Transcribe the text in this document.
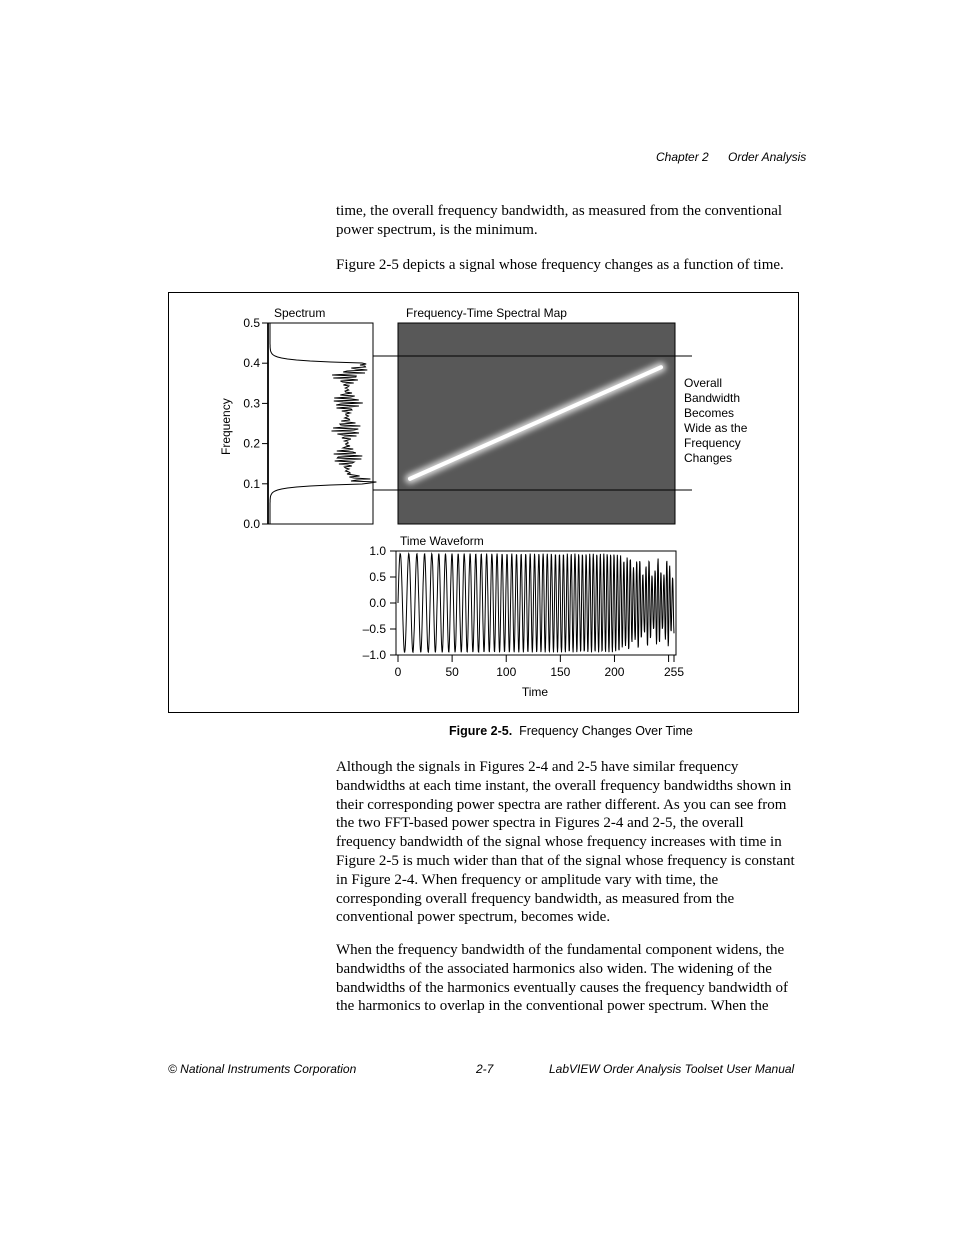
Chapter 2 Order Analysis

time, the overall frequency bandwidth, as measured from the conventional power spectrum, is the minimum.

Figure 2-5 depicts a signal whose frequency changes as a function of time.

Spectrum
0.0
0.1
0.2
0.3
0.4
0.5
Frequency
Frequency-Time Spectral Map
Overall
Bandwidth
Becomes
Wide as the
Frequency
Changes
Time Waveform
1.0
0.5
0.0
–0.5
–1.0
0	50	100	150	200	255
Time
Figure 2-5. Frequency Changes Over Time

Although the signals in Figures 2-4 and 2-5 have similar frequency bandwidths at each time instant, the overall frequency bandwidths shown in their corresponding power spectra are rather different. As you can see from the two FFT-based power spectra in Figures 2-4 and 2-5, the overall frequency bandwidth of the signal whose frequency increases with time in Figure 2-5 is much wider than that of the signal whose frequency is constant in Figure 2-4. When frequency or amplitude vary with time, the corresponding overall frequency bandwidth, as measured from the conventional power spectrum, becomes wide.

When the frequency bandwidth of the fundamental component widens, the bandwidths of the associated harmonics also widen. The widening of the bandwidths of the harmonics eventually causes the frequency bandwidth of the harmonics to overlap in the conventional power spectrum. When the

© National Instruments Corporation	2-7	LabVIEW Order Analysis Toolset User Manual
